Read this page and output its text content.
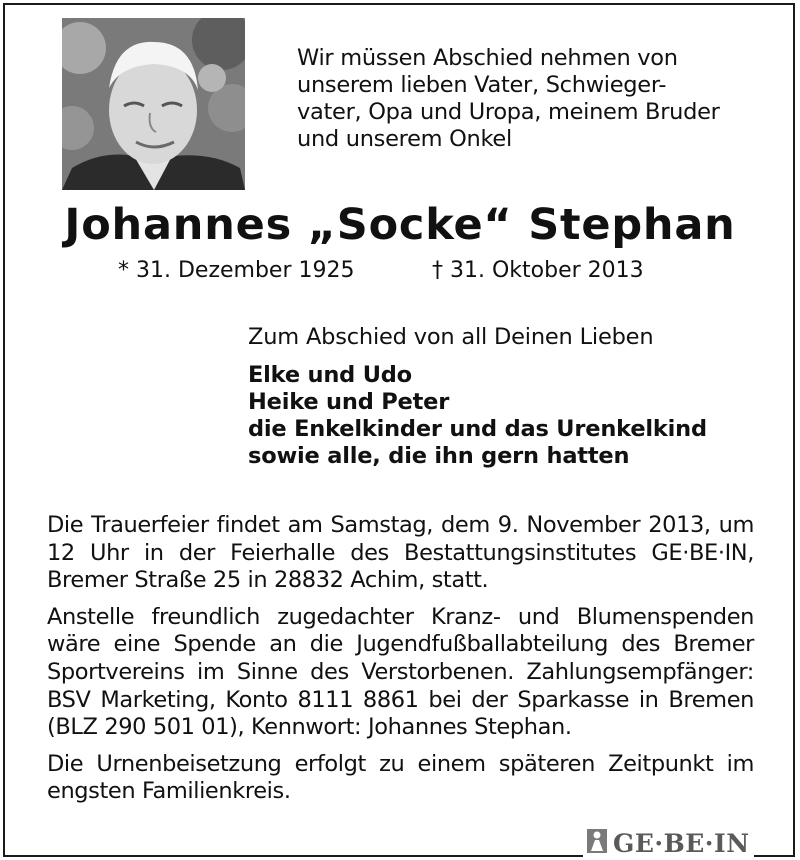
Wir müssen Abschied nehmen von
unserem lieben Vater, Schwieger-
vater, Opa und Uropa, meinem Bruder
und unserem Onkel
Johannes „Socke“ Stephan
* 31. Dezember 1925	† 31. Oktober 2013
Zum Abschied von all Deinen Lieben
Elke und Udo
Heike und Peter
die Enkelkinder und das Urenkelkind
sowie alle, die ihn gern hatten

Die Trauerfeier findet am Samstag, dem 9. November 2013, um 12 Uhr in der Feierhalle des Bestattungsinstitutes GE·BE·IN, Bremer Straße 25 in 28832 Achim, statt.

Anstelle freundlich zugedachter Kranz- und Blumenspenden wäre eine Spende an die Jugendfußballabteilung des Bremer Sportvereins im Sinne des Verstorbenen. Zahlungsempfänger: BSV Marketing, Konto 8111 8861 bei der Sparkasse in Bremen (BLZ 290 501 01), Kennwort: Johannes Stephan.

Die Urnenbeisetzung erfolgt zu einem späteren Zeitpunkt im engsten Familienkreis.

GE·BE·IN
